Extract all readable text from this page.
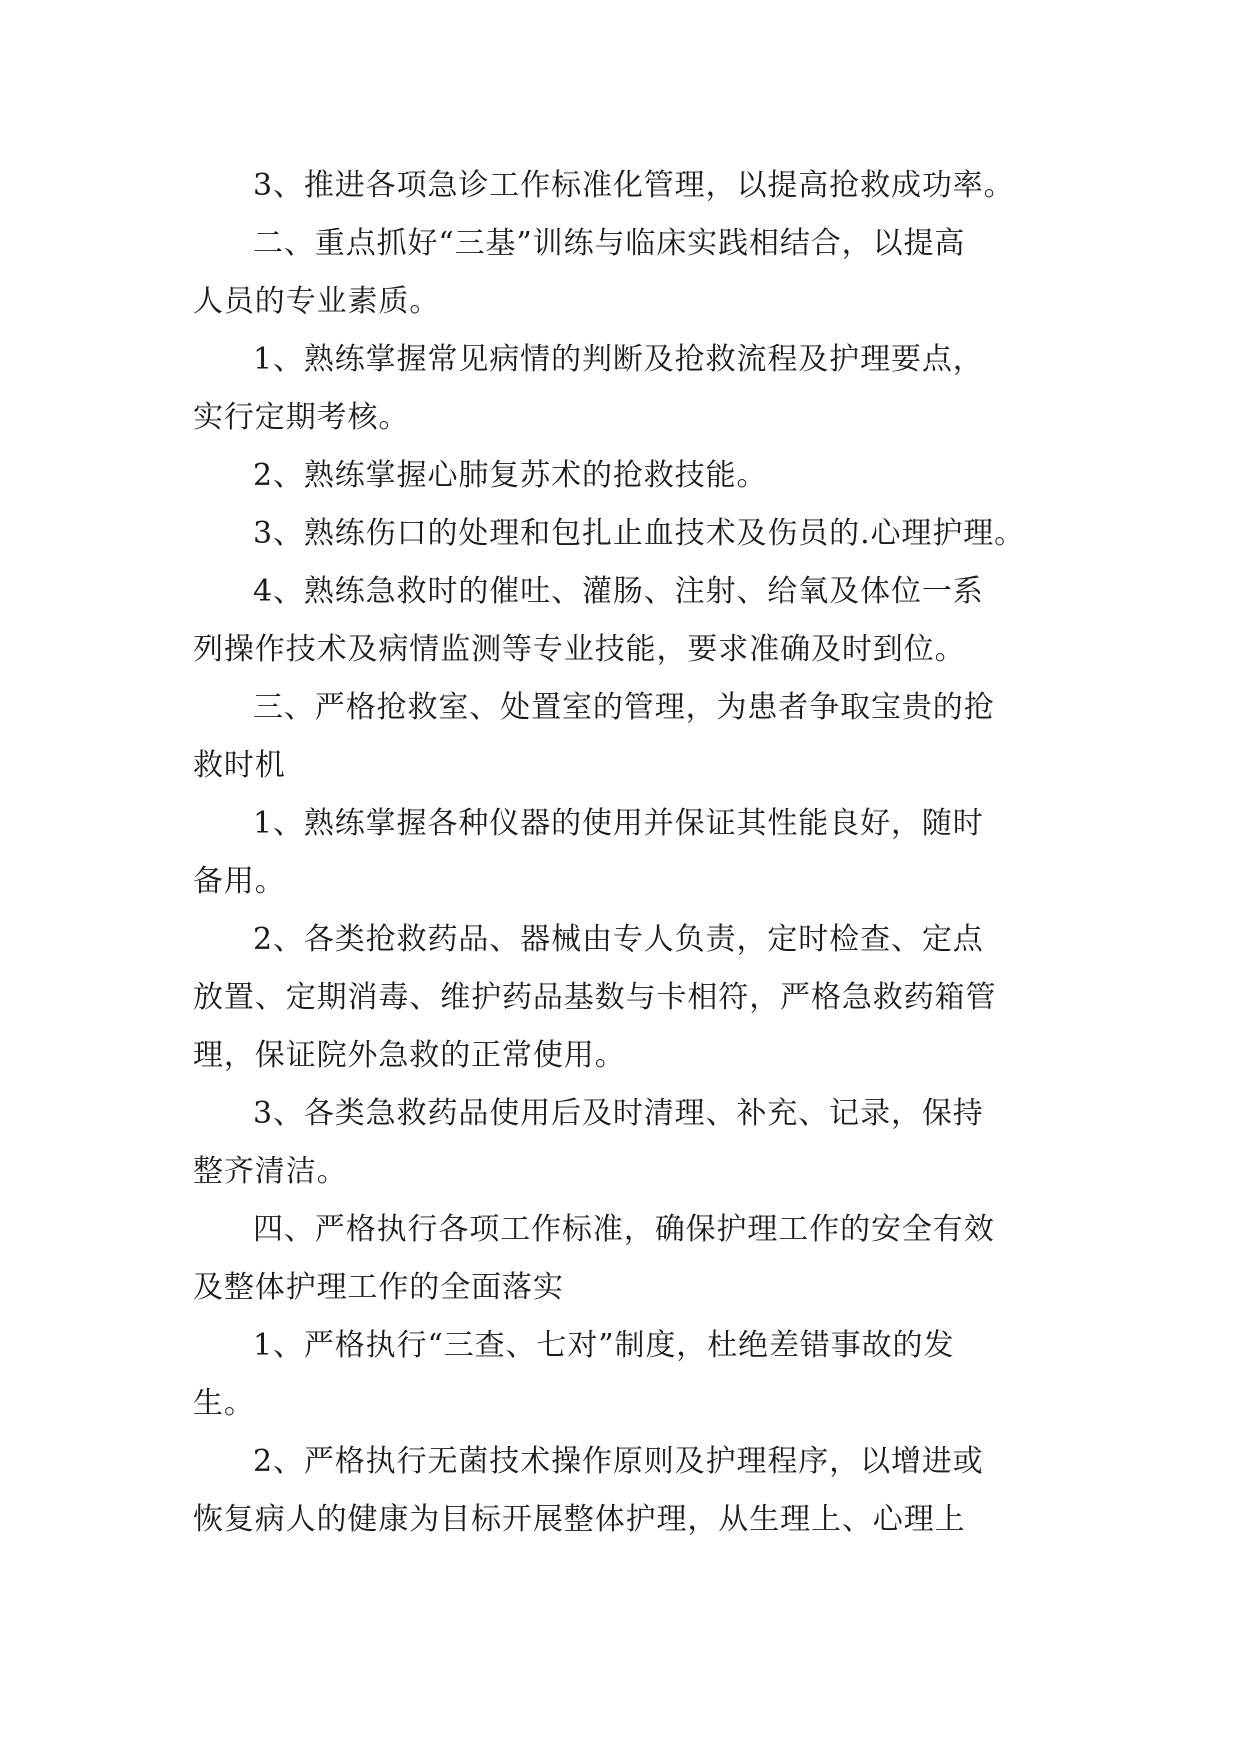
3、推进各项急诊工作标准化管理，以提高抢救成功率。

二、重点抓好“三基”训练与临床实践相结合，以提高
人员的专业素质。

1、熟练掌握常见病情的判断及抢救流程及护理要点，
实行定期考核。

2、熟练掌握心肺复苏术的抢救技能。

3、熟练伤口的处理和包扎止血技术及伤员的.心理护理。

4、熟练急救时的催吐、灌肠、注射、给氧及体位一系
列操作技术及病情监测等专业技能，要求准确及时到位。

三、严格抢救室、处置室的管理，为患者争取宝贵的抢
救时机

1、熟练掌握各种仪器的使用并保证其性能良好，随时
备用。

2、各类抢救药品、器械由专人负责，定时检查、定点
放置、定期消毒、维护药品基数与卡相符，严格急救药箱管
理，保证院外急救的正常使用。

3、各类急救药品使用后及时清理、补充、记录，保持
整齐清洁。

四、严格执行各项工作标准，确保护理工作的安全有效
及整体护理工作的全面落实

1、严格执行“三查、七对”制度，杜绝差错事故的发
生。

2、严格执行无菌技术操作原则及护理程序，以增进或
恢复病人的健康为目标开展整体护理，从生理上、心理上
